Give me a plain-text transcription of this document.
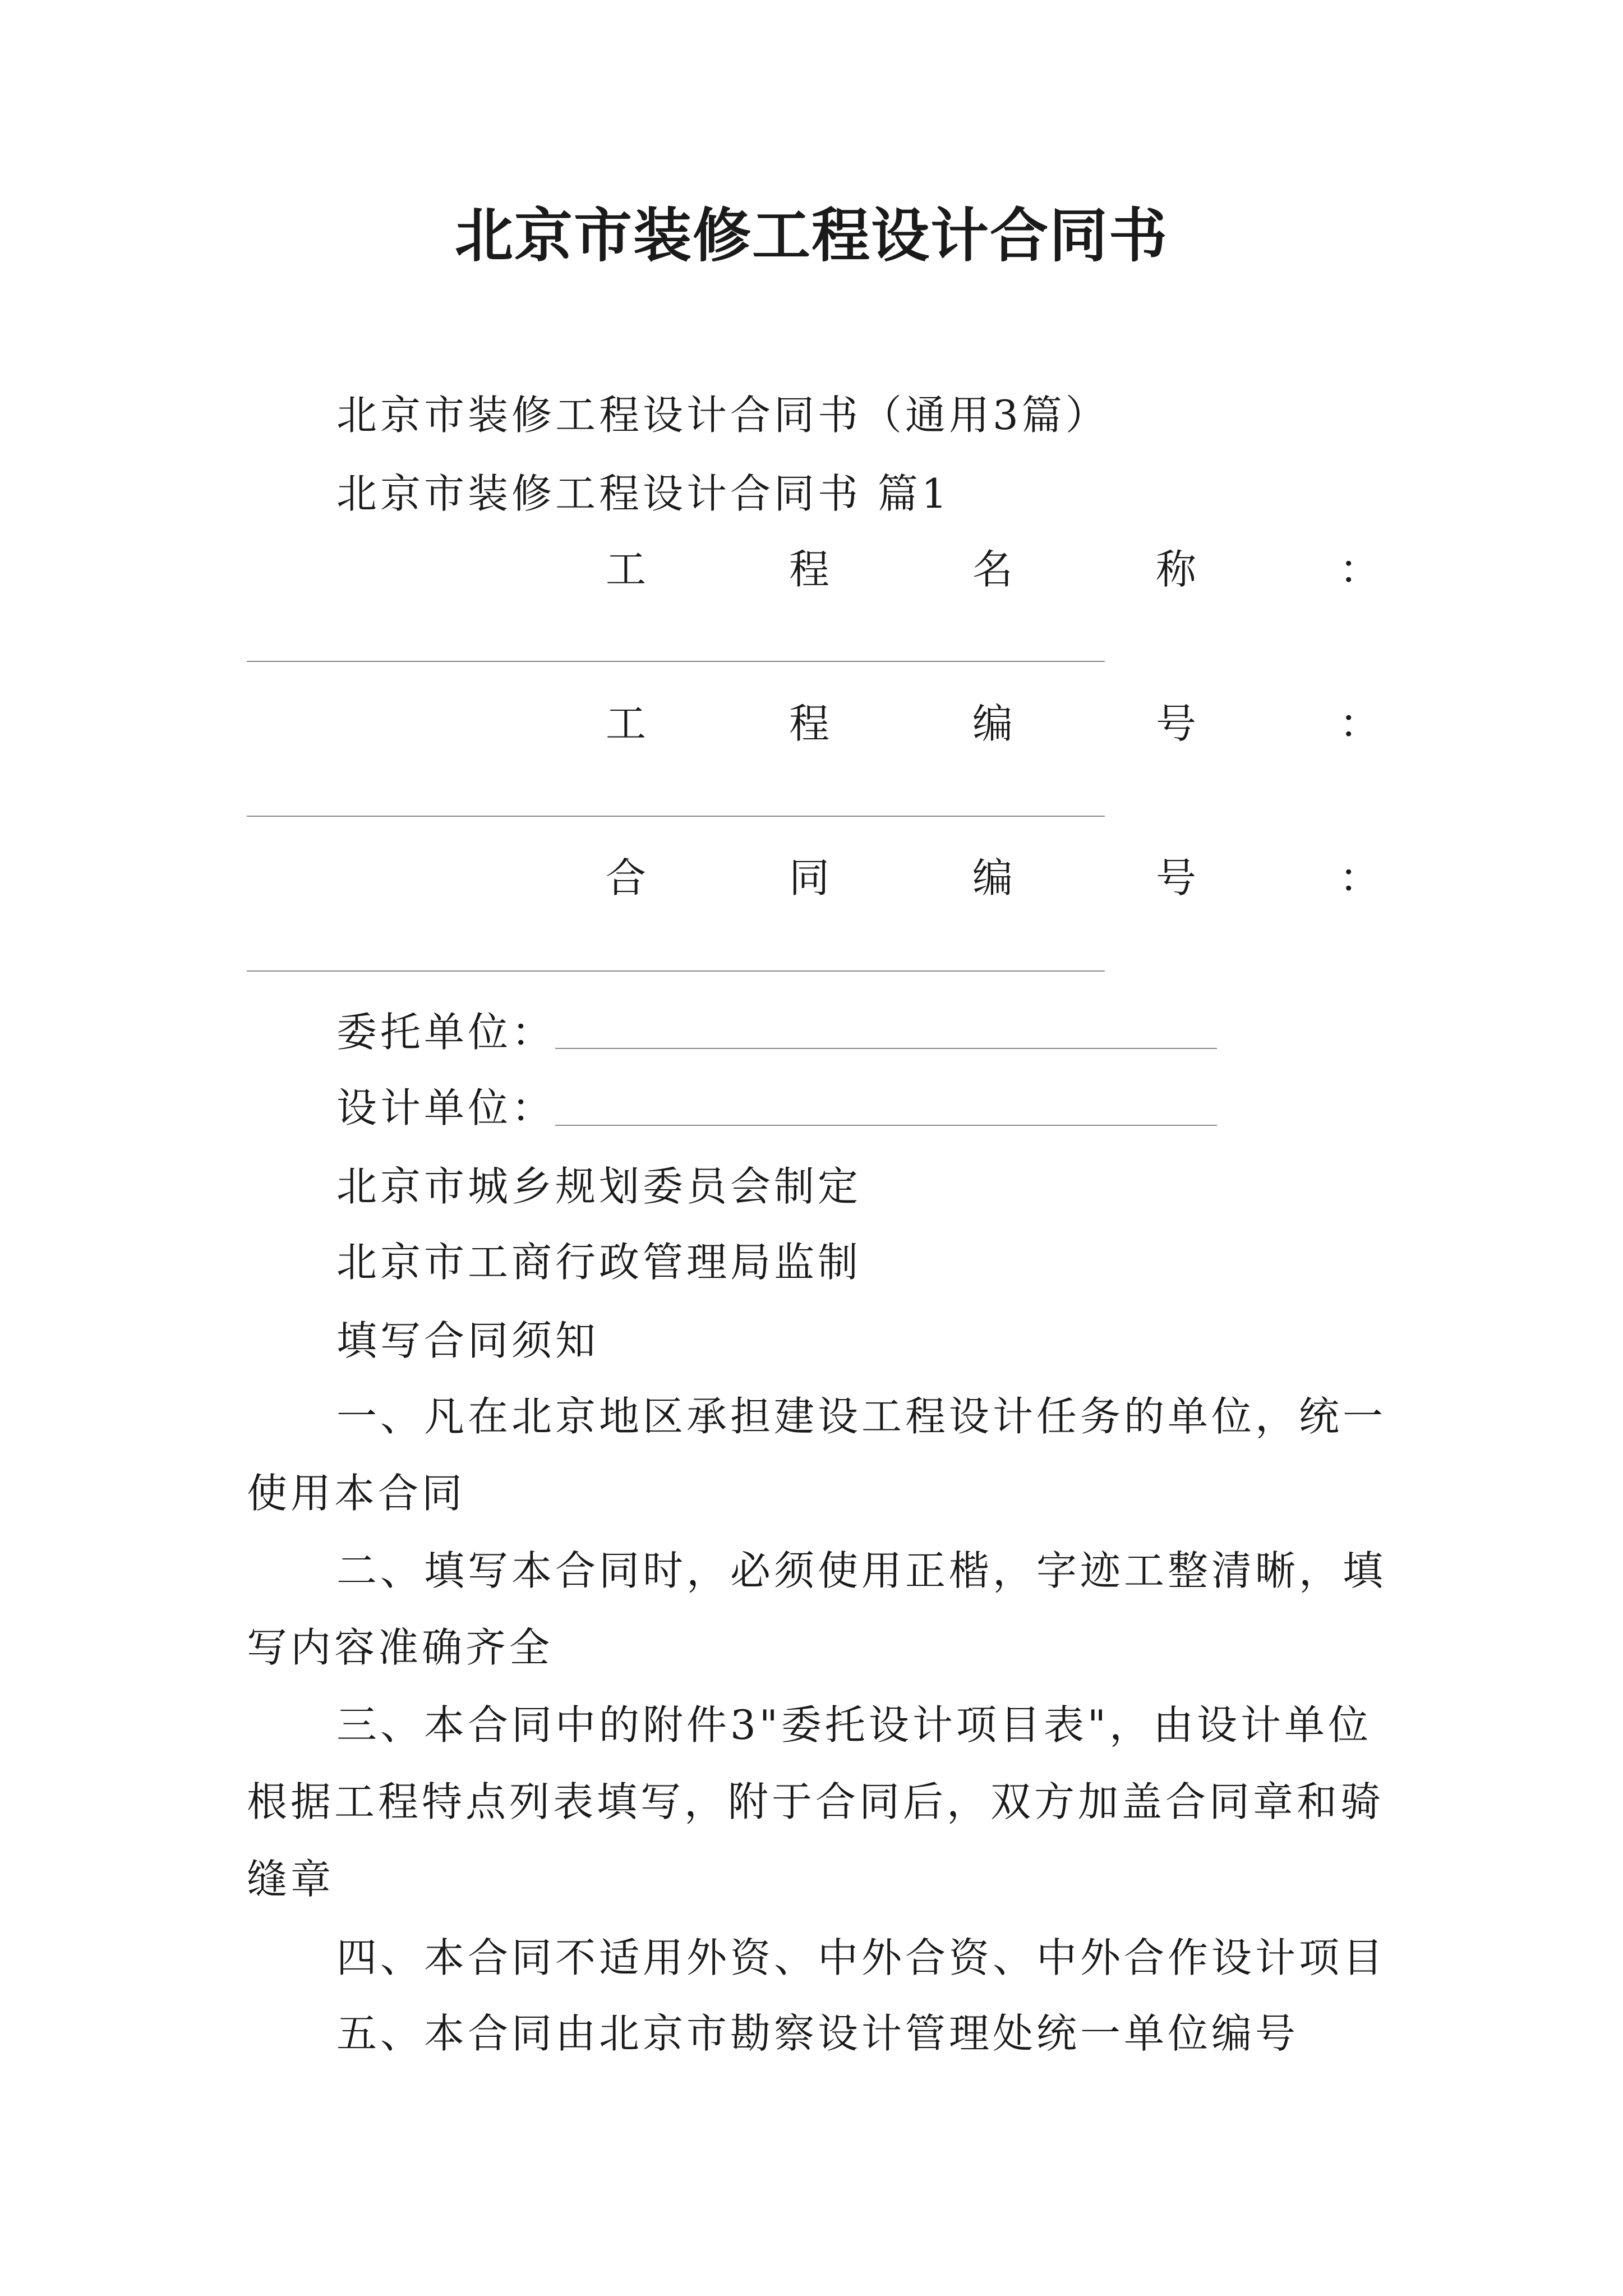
北京市装修工程设计合同书
北京市装修工程设计合同书（通用3篇）
北京市装修工程设计合同书 篇1
工	程	名	称	：
工	程	编	号	：
合	同	编	号	：
委托单位：
设计单位：
北京市城乡规划委员会制定
北京市工商行政管理局监制
填写合同须知
一、凡在北京地区承担建设工程设计任务的单位，统一
使用本合同
二、填写本合同时，必须使用正楷，字迹工整清晰，填
写内容准确齐全
三、本合同中的附件3"委托设计项目表"，由设计单位
根据工程特点列表填写，附于合同后，双方加盖合同章和骑
缝章
四、本合同不适用外资、中外合资、中外合作设计项目
五、本合同由北京市勘察设计管理处统一单位编号
